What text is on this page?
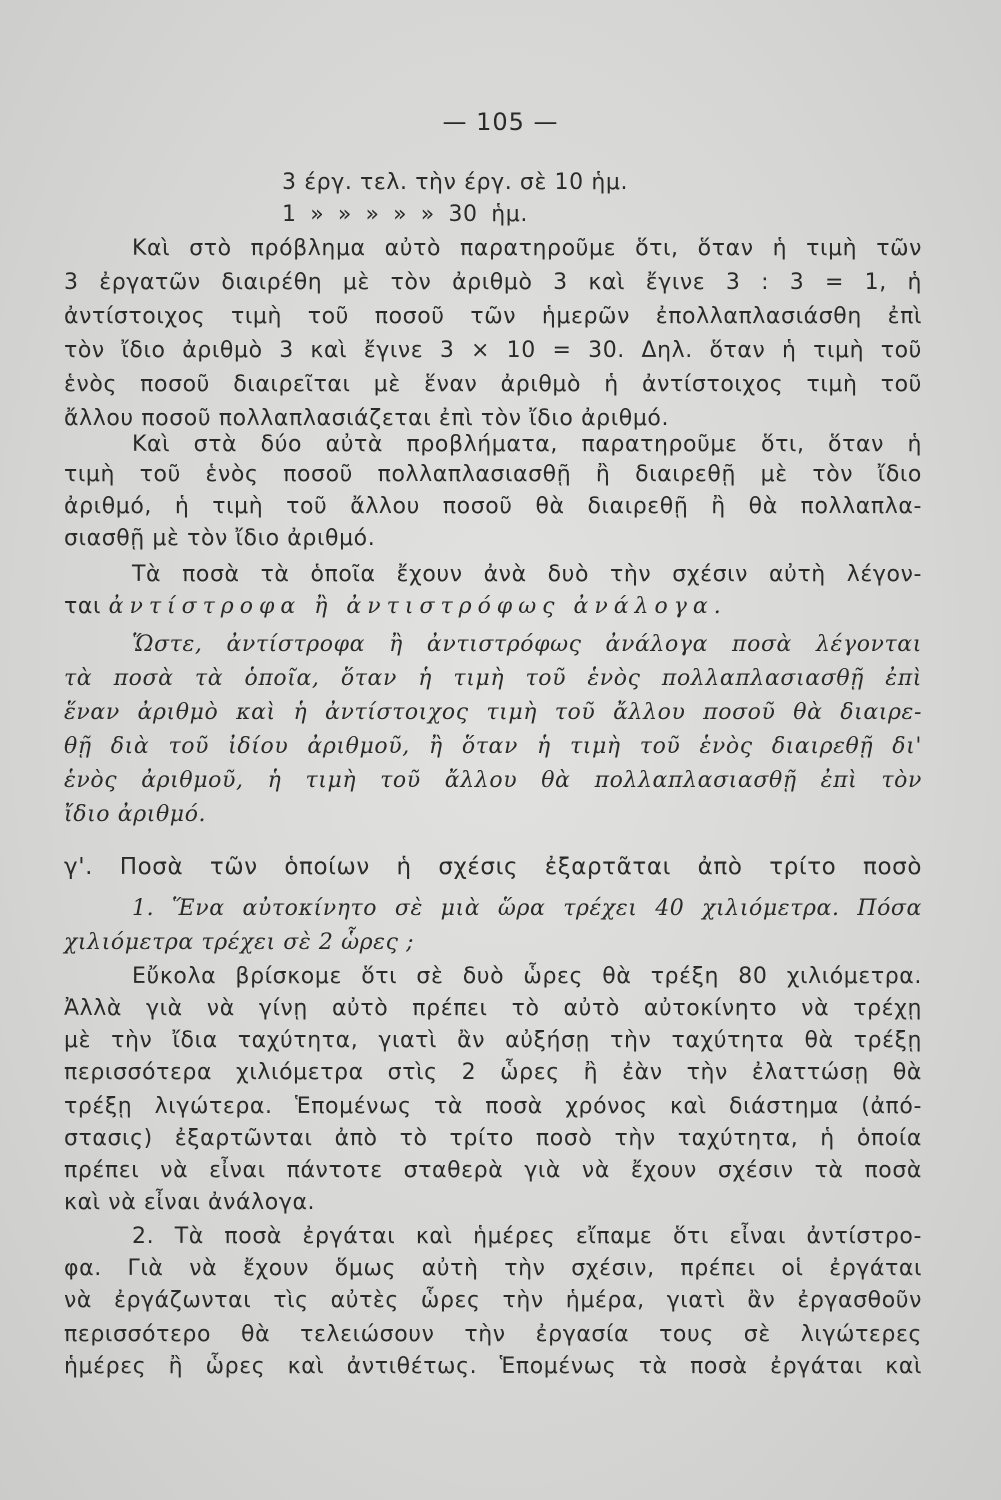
— 105 —
3 έργ. τελ. τὴν έργ. σὲ 10 ἡμ.
1 » » » » » 30 ἡμ.
Καὶ στὸ πρόβλημα αὐτὸ παρατηροῦμε ὅτι, ὅταν ἡ τιμὴ τῶν
3 ἐργατῶν διαιρέθη μὲ τὸν ἀριθμὸ 3 καὶ ἔγινε 3 : 3 = 1, ἡ
ἀντίστοιχος τιμὴ τοῦ ποσοῦ τῶν ἡμερῶν ἐπολλαπλασιάσθη ἐπὶ
τὸν ἴδιο ἀριθμὸ 3 καὶ ἔγινε 3 × 10 = 30. Δηλ. ὅταν ἡ τιμὴ τοῦ
ἑνὸς ποσοῦ διαιρεῖται μὲ ἕναν ἀριθμὸ ἡ ἀντίστοιχος τιμὴ τοῦ
ἄλλου ποσοῦ πολλαπλασιάζεται ἐπὶ τὸν ἴδιο ἀριθμό.
Καὶ στὰ δύο αὐτὰ προβλήματα, παρατηροῦμε ὅτι, ὅταν ἡ
τιμὴ τοῦ ἑνὸς ποσοῦ πολλαπλασιασθῇ ἢ διαιρεθῇ μὲ τὸν ἴδιο
ἀριθμό, ἡ τιμὴ τοῦ ἄλλου ποσοῦ θὰ διαιρεθῇ ἢ θὰ πολλαπλα-
σιασθῇ μὲ τὸν ἴδιο ἀριθμό.
Τὰ ποσὰ τὰ ὁποῖα ἔχουν ἀνὰ δυὸ τὴν σχέσιν αὐτὴ λέγον-
ται ἀντίστροφα ἢ ἀντιστρόφως ἀνάλογα.
Ὥστε, ἀντίστροφα ἢ ἀντιστρόφως ἀνάλογα ποσὰ λέγονται
τὰ ποσὰ τὰ ὁποῖα, ὅταν ἡ τιμὴ τοῦ ἑνὸς πολλαπλασιασθῇ ἐπὶ
ἕναν ἀριθμὸ καὶ ἡ ἀντίστοιχος τιμὴ τοῦ ἄλλου ποσοῦ θὰ διαιρε-
θῇ διὰ τοῦ ἰδίου ἀριθμοῦ, ἢ ὅταν ἡ τιμὴ τοῦ ἑνὸς διαιρεθῇ δι'
ἑνὸς ἀριθμοῦ, ἡ τιμὴ τοῦ ἄλλου θὰ πολλαπλασιασθῇ ἐπὶ τὸν
ἴδιο ἀριθμό.
γ'. Ποσὰ τῶν ὁποίων ἡ σχέσις ἐξαρτᾶται ἀπὸ τρίτο ποσὸ
1. Ἕνα αὐτοκίνητο σὲ μιὰ ὥρα τρέχει 40 χιλιόμετρα. Πόσα
χιλιόμετρα τρέχει σὲ 2 ὧρες ;
Εὔκολα βρίσκομε ὅτι σὲ δυὸ ὧρες θὰ τρέξη 80 χιλιόμετρα.
Ἀλλὰ γιὰ νὰ γίνῃ αὐτὸ πρέπει τὸ αὐτὸ αὐτοκίνητο νὰ τρέχῃ
μὲ τὴν ἴδια ταχύτητα, γιατὶ ἂν αὐξήσῃ τὴν ταχύτητα θὰ τρέξῃ
περισσότερα χιλιόμετρα στὶς 2 ὧρες ἢ ἐὰν τὴν ἐλαττώσῃ θὰ
τρέξῃ λιγώτερα. Ἑπομένως τὰ ποσὰ χρόνος καὶ διάστημα (ἀπό-
στασις) ἐξαρτῶνται ἀπὸ τὸ τρίτο ποσὸ τὴν ταχύτητα, ἡ ὁποία
πρέπει νὰ εἶναι πάντοτε σταθερὰ γιὰ νὰ ἔχουν σχέσιν τὰ ποσὰ
καὶ νὰ εἶναι ἀνάλογα.
2. Τὰ ποσὰ ἐργάται καὶ ἡμέρες εἴπαμε ὅτι εἶναι ἀντίστρο-
φα. Γιὰ νὰ ἔχουν ὅμως αὐτὴ τὴν σχέσιν, πρέπει οἱ ἐργάται
νὰ ἐργάζωνται τὶς αὐτὲς ὧρες τὴν ἡμέρα, γιατὶ ἂν ἐργασθοῦν
περισσότερο θὰ τελειώσουν τὴν ἐργασία τους σὲ λιγώτερες
ἡμέρες ἢ ὧρες καὶ ἀντιθέτως. Ἑπομένως τὰ ποσὰ ἐργάται καὶ
